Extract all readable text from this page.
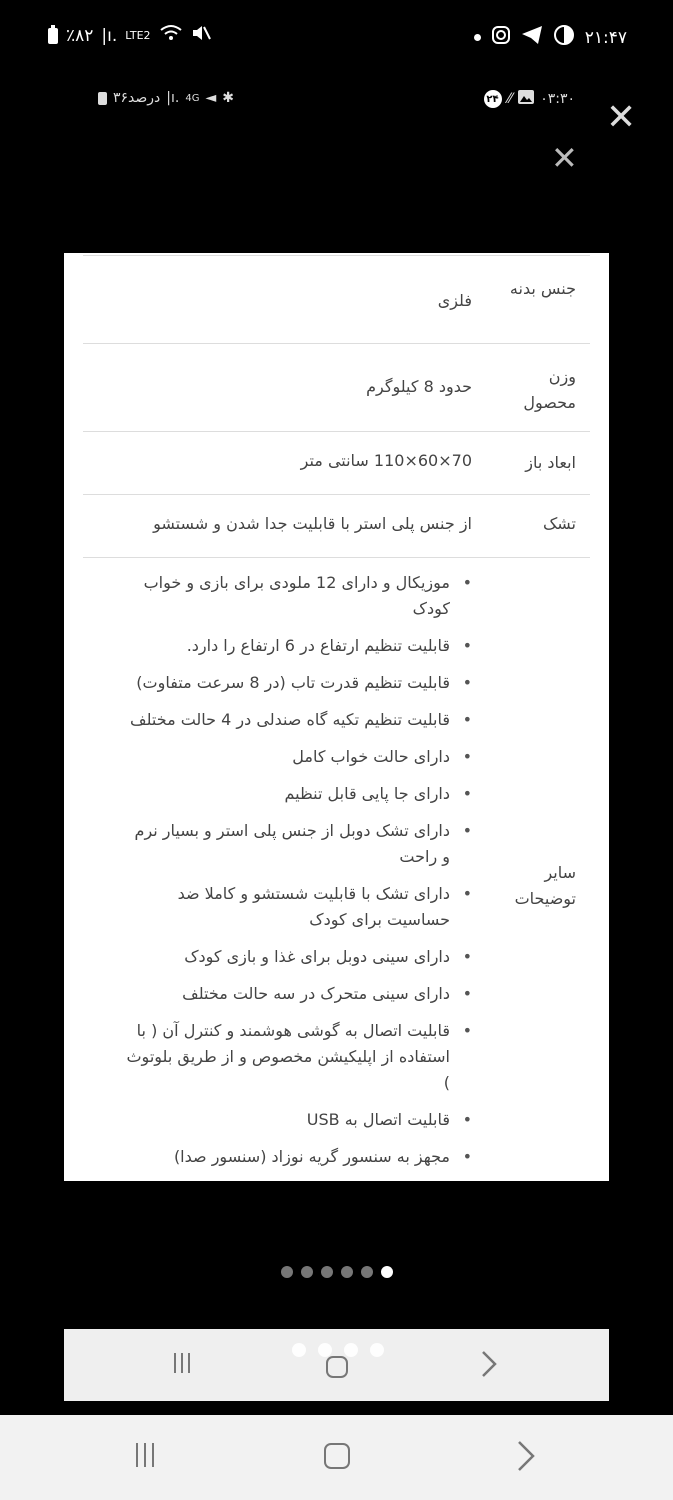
٪۸۲ |ı. LTE2	۲۱:۴۷
۳۶درصد |ı. 4G ◄ ✱	۲۴ ⁄⁄ ۰۳:۳۰ ✕
✕
جنس بدنه
فلزی
وزن محصول
حدود 8 کیلوگرم
ابعاد باز
70×60×110 سانتی متر
تشک
از جنس پلی استر با قابلیت جدا شدن و شستشو
سایر توضیحات
• موزیکال و دارای 12 ملودی برای بازی و خواب کودک
• قابلیت تنظیم ارتفاع در 6 ارتفاع را دارد.
• قابلیت تنظیم قدرت تاب (در 8 سرعت متفاوت)
• قابلیت تنظیم تکیه گاه صندلی در 4 حالت مختلف
• دارای حالت خواب کامل
• دارای جا پایی قابل تنظیم
• دارای تشک دوبل از جنس پلی استر و بسیار نرم و راحت
• دارای تشک با قابلیت شستشو و کاملا ضد حساسیت برای کودک
• دارای سینی دوبل برای غذا و بازی کودک
• دارای سینی متحرک در سه حالت مختلف
• قابلیت اتصال به گوشی هوشمند و کنترل آن ( با استفاده از اپلیکیشن مخصوص و از طریق بلوتوث )
• قابلیت اتصال به USB
• مجهز به سنسور گریه نوزاد (سنسور صدا)
